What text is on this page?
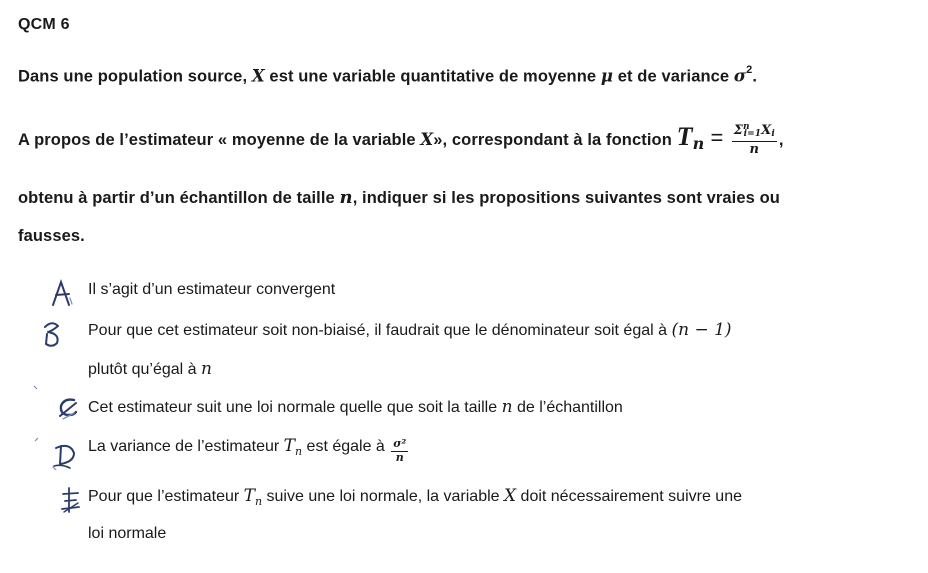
QCM 6
Dans une population source, X est une variable quantitative de moyenne μ et de variance $\sigma^2$.
A propos de l’estimateur « moyenne de la variable X», correspondant à la fonction $Tn = \frac{\Sigma^ni=1Xi}{n}$ ,
obtenu à partir d’un échantillon de taille n, indiquer si les propositions suivantes sont vraies ou
fausses.
Il s’agit d’un estimateur convergent
Pour que cet estimateur soit non-biaisé, il faudrait que le dénominateur soit égal à (n − 1)
plutôt qu’égal à n
Cet estimateur suit une loi normale quelle que soit la taille n de l’échantillon
La variance de l’estimateur $T_n$ est égale à $\frac{\text{σ²}}{n}$
Pour que l’estimateur $T_n$ suive une loi normale, la variable X doit nécessairement suivre une
loi normale
